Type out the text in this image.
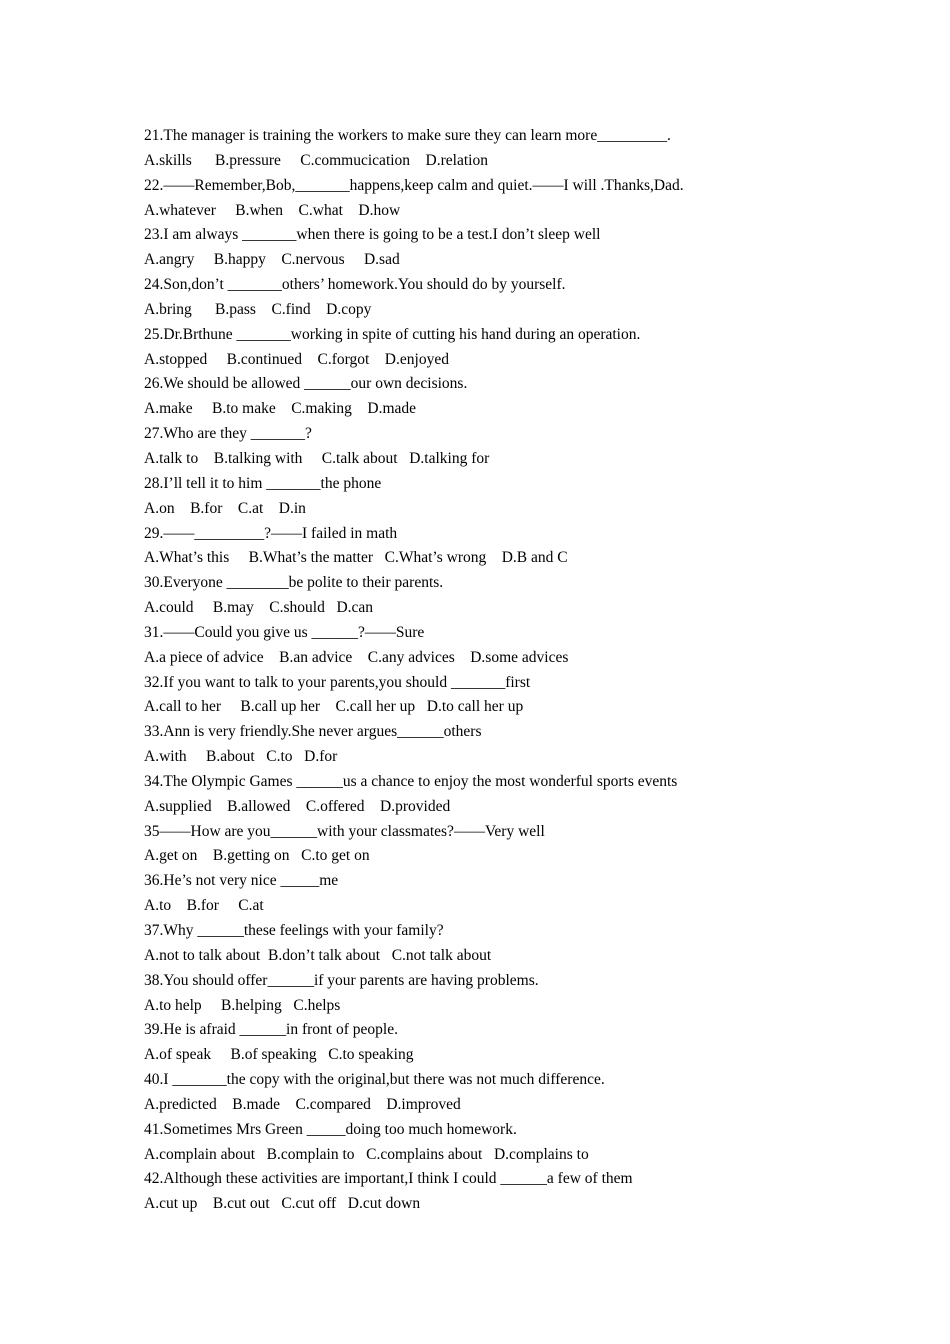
21.The manager is training the workers to make sure they can learn more_________.
A.skills      B.pressure     C.commucication    D.relation
22.——Remember,Bob,_______happens,keep calm and quiet.——I will .Thanks,Dad.
A.whatever     B.when    C.what    D.how
23.I am always _______when there is going to be a test.I don’t sleep well
A.angry     B.happy    C.nervous     D.sad
24.Son,don’t _______others’ homework.You should do by yourself.
A.bring      B.pass    C.find    D.copy
25.Dr.Brthune _______working in spite of cutting his hand during an operation.
A.stopped     B.continued    C.forgot    D.enjoyed
26.We should be allowed ______our own decisions.
A.make     B.to make    C.making    D.made
27.Who are they _______?
A.talk to    B.talking with     C.talk about   D.talking for
28.I’ll tell it to him _______the phone
A.on    B.for    C.at    D.in
29.——_________?——I failed in math
A.What’s this     B.What’s the matter   C.What’s wrong    D.B and C
30.Everyone ________be polite to their parents.
A.could     B.may    C.should   D.can
31.——Could you give us ______?——Sure
A.a piece of advice    B.an advice    C.any advices    D.some advices
32.If you want to talk to your parents,you should _______first
A.call to her     B.call up her    C.call her up   D.to call her up
33.Ann is very friendly.She never argues______others
A.with     B.about   C.to   D.for
34.The Olympic Games ______us a chance to enjoy the most wonderful sports events
A.supplied    B.allowed    C.offered    D.provided
35——How are you______with your classmates?——Very well
A.get on    B.getting on   C.to get on
36.He’s not very nice _____me
A.to    B.for     C.at
37.Why ______these feelings with your family?
A.not to talk about  B.don’t talk about   C.not talk about
38.You should offer______if your parents are having problems.
A.to help     B.helping   C.helps
39.He is afraid ______in front of people.
A.of speak     B.of speaking   C.to speaking
40.I _______the copy with the original,but there was not much difference.
A.predicted    B.made    C.compared    D.improved
41.Sometimes Mrs Green _____doing too much homework.
A.complain about   B.complain to   C.complains about   D.complains to
42.Although these activities are important,I think I could ______a few of them
A.cut up    B.cut out   C.cut off   D.cut down
